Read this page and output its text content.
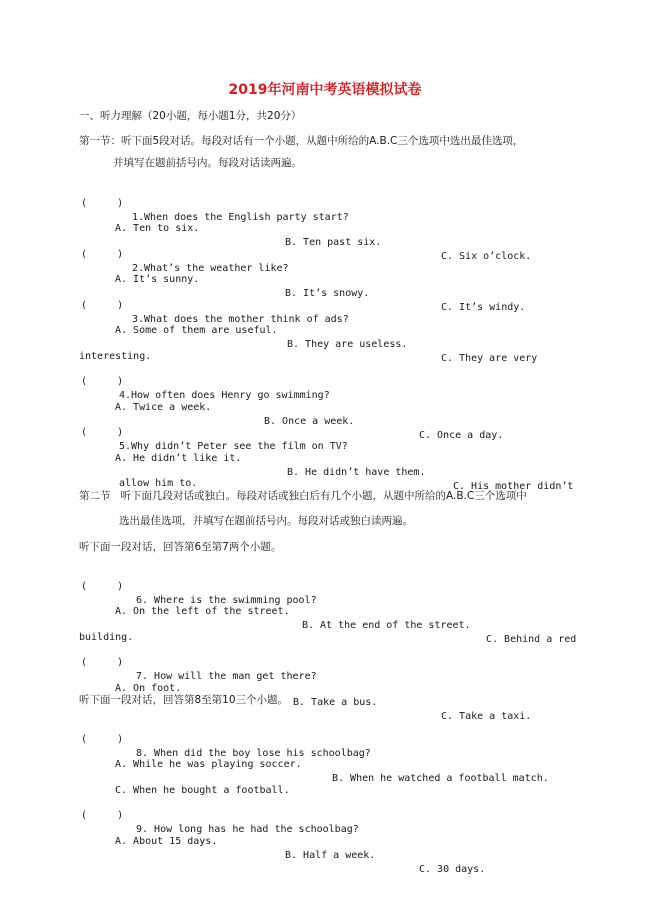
2019年河南中考英语模拟试卷
一、听力理解（20小题，每小题1分，共20分）
第一节：听下面5段对话。每段对话有一个小题，从题中所给的A.B.C三个选项中选出最佳选项，
并填写在题前括号内。每段对话读两遍。

(     )

1.When does the English party start?

A. Ten to six.

B. Ten past six.

C. Six o’clock.

(     )

2.What’s the weather like?

A. It’s sunny.

B. It’s snowy.

C. It’s windy.

(     )

3.What does the mother think of ads?

A. Some of them are useful.

B. They are useless.

C. They are very

interesting.

(     )

4.How often does Henry go swimming?

A. Twice a week.

B. Once a week.

C. Once a day.

(     )

5.Why didn’t Peter see the film on TV?

A. He didn’t like it.

B. He didn’t have them.

C. His mother didn’t

allow him to.

第二节   听下面几段对话或独白。每段对话或独白后有几个小题，从题中所给的A.B.C三个选项中
选出最佳选项，并填写在题前括号内。每段对话或独白读两遍。
听下面一段对话，回答第6至第7两个小题。

(     )

6. Where is the swimming pool?

A. On the left of the street.

B. At the end of the street.

C. Behind a red

building.

(     )

7. How will the man get there?

A. On foot.

B. Take a bus.

C. Take a taxi.

听下面一段对话，回答第8至第10三个小题。

(     )

8. When did the boy lose his schoolbag?

A. While he was playing soccer.

B. When he watched a football match.

C. When he bought a football.

(     )

9. How long has he had the schoolbag?

A. About 15 days.

B. Half a week.

C. 30 days.
